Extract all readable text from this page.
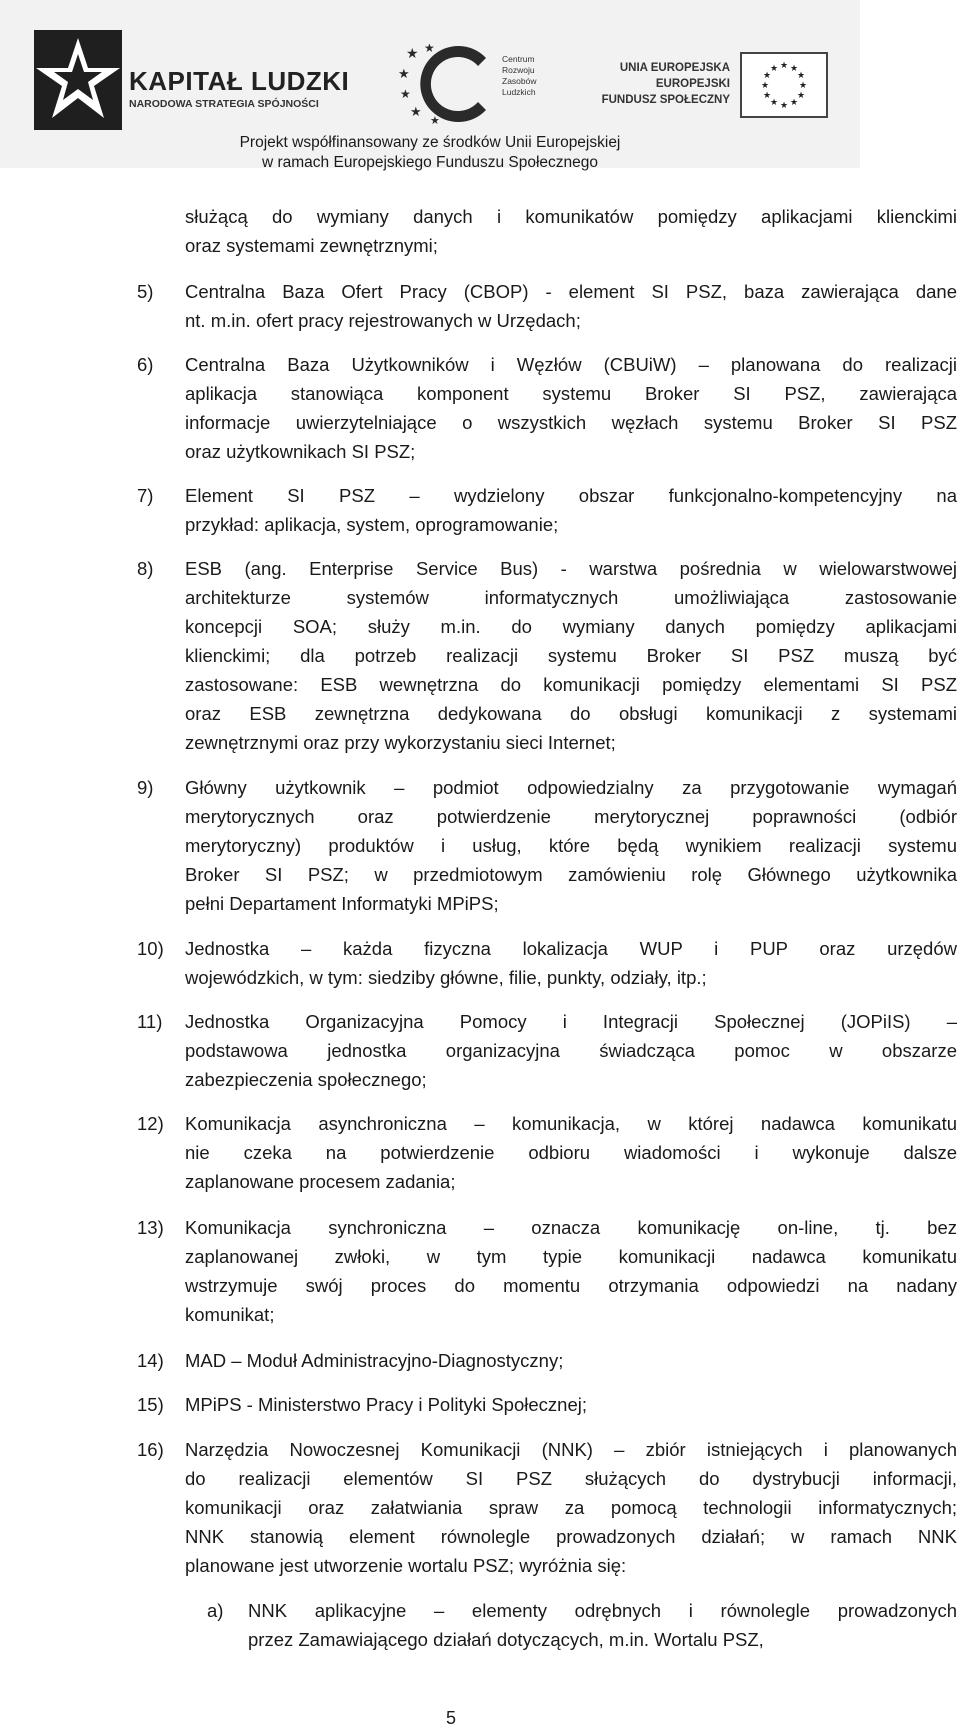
KAPITAŁ LUDZKI
NARODOWA STRATEGIA SPÓJNOŚCI
★ ★
★
★
★
★
Centrum
Rozwoju
Zasobów
Ludzkich
UNIA EUROPEJSKA
EUROPEJSKI
FUNDUSZ SPOŁECZNY
★ ★
★
★
★
★
★
★
★
★
★
★
Projekt współfinansowany ze środków Unii Europejskiej
w ramach Europejskiego Funduszu Społecznego
służącą do wymiany danych i komunikatów pomiędzy aplikacjami klienckimi
oraz systemami zewnętrznymi;
5) Centralna Baza Ofert Pracy (CBOP) - element SI PSZ, baza zawierająca dane
nt. m.in. ofert pracy rejestrowanych w Urzędach;
6) Centralna Baza Użytkowników i Węzłów (CBUiW) – planowana do realizacji
aplikacja stanowiąca komponent systemu Broker SI PSZ, zawierająca
informacje uwierzytelniające o wszystkich węzłach systemu Broker SI PSZ
oraz użytkownikach SI PSZ;
7) Element SI PSZ – wydzielony obszar funkcjonalno-kompetencyjny na
przykład: aplikacja, system, oprogramowanie;
8) ESB (ang. Enterprise Service Bus) - warstwa pośrednia w wielowarstwowej
architekturze systemów informatycznych umożliwiająca zastosowanie
koncepcji SOA; służy m.in. do wymiany danych pomiędzy aplikacjami
klienckimi; dla potrzeb realizacji systemu Broker SI PSZ muszą być
zastosowane: ESB wewnętrzna do komunikacji pomiędzy elementami SI PSZ
oraz ESB zewnętrzna dedykowana do obsługi komunikacji z systemami
zewnętrznymi oraz przy wykorzystaniu sieci Internet;
9) Główny użytkownik – podmiot odpowiedzialny za przygotowanie wymagań
merytorycznych oraz potwierdzenie merytorycznej poprawności (odbiór
merytoryczny) produktów i usług, które będą wynikiem realizacji systemu
Broker SI PSZ; w przedmiotowym zamówieniu rolę Głównego użytkownika
pełni Departament Informatyki MPiPS;
10) Jednostka – każda fizyczna lokalizacja WUP i PUP oraz urzędów
wojewódzkich, w tym: siedziby główne, filie, punkty, odziały, itp.;
11) Jednostka Organizacyjna Pomocy i Integracji Społecznej (JOPiIS) –
podstawowa jednostka organizacyjna świadcząca pomoc w obszarze
zabezpieczenia społecznego;
12) Komunikacja asynchroniczna – komunikacja, w której nadawca komunikatu
nie czeka na potwierdzenie odbioru wiadomości i wykonuje dalsze
zaplanowane procesem zadania;
13) Komunikacja synchroniczna – oznacza komunikację on-line, tj. bez
zaplanowanej zwłoki, w tym typie komunikacji nadawca komunikatu
wstrzymuje swój proces do momentu otrzymania odpowiedzi na nadany
komunikat;
14) MAD – Moduł Administracyjno-Diagnostyczny;
15) MPiPS - Ministerstwo Pracy i Polityki Społecznej;
16) Narzędzia Nowoczesnej Komunikacji (NNK) – zbiór istniejących i planowanych
do realizacji elementów SI PSZ służących do dystrybucji informacji,
komunikacji oraz załatwiania spraw za pomocą technologii informatycznych;
NNK stanowią element równolegle prowadzonych działań; w ramach NNK
planowane jest utworzenie wortalu PSZ; wyróżnia się:
a) NNK aplikacyjne – elementy odrębnych i równolegle prowadzonych
przez Zamawiającego działań dotyczących, m.in. Wortalu PSZ,
5
